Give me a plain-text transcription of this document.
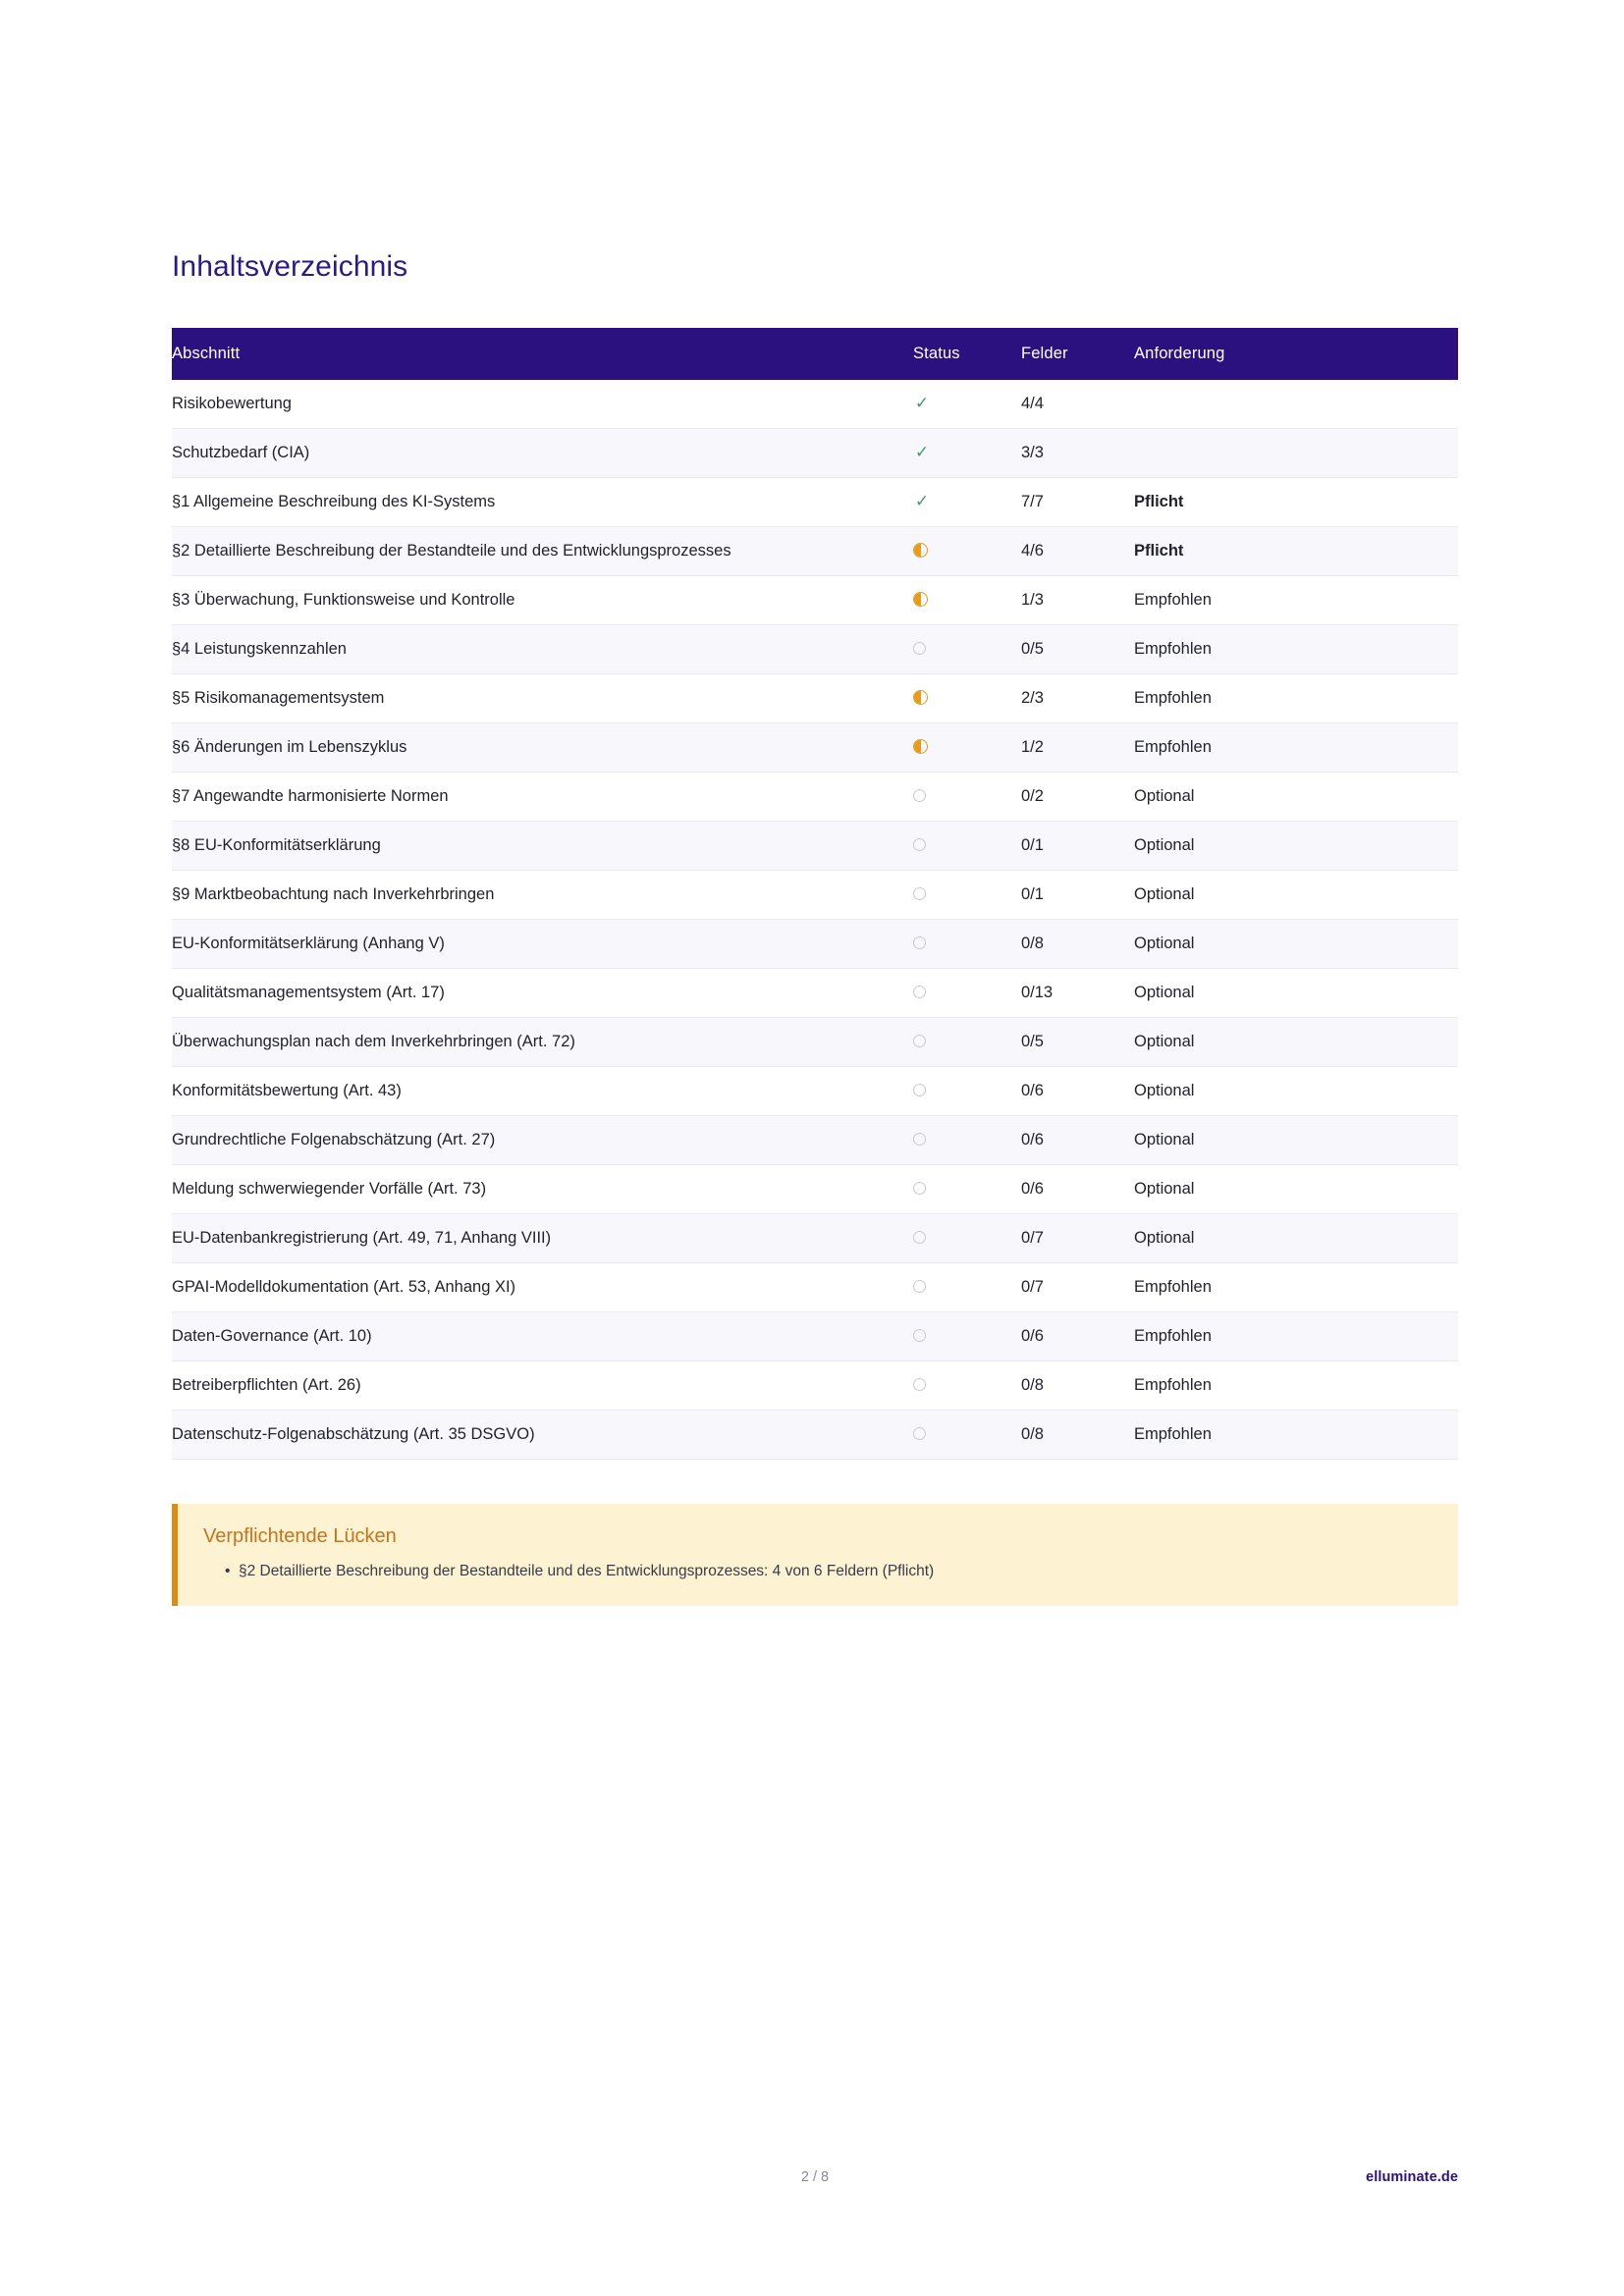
Inhaltsverzeichnis
Abschnitt	Status	Felder	Anforderung
Risikobewertung	✓	4/4	
Schutzbedarf (CIA)	✓	3/3	
§1 Allgemeine Beschreibung des KI-Systems	✓	7/7	Pflicht
§2 Detaillierte Beschreibung der Bestandteile und des Entwicklungsprozesses		4/6	Pflicht
§3 Überwachung, Funktionsweise und Kontrolle		1/3	Empfohlen
§4 Leistungskennzahlen		0/5	Empfohlen
§5 Risikomanagementsystem		2/3	Empfohlen
§6 Änderungen im Lebenszyklus		1/2	Empfohlen
§7 Angewandte harmonisierte Normen		0/2	Optional
§8 EU-Konformitätserklärung		0/1	Optional
§9 Marktbeobachtung nach Inverkehrbringen		0/1	Optional
EU-Konformitätserklärung (Anhang V)		0/8	Optional
Qualitätsmanagementsystem (Art. 17)		0/13	Optional
Überwachungsplan nach dem Inverkehrbringen (Art. 72)		0/5	Optional
Konformitätsbewertung (Art. 43)		0/6	Optional
Grundrechtliche Folgenabschätzung (Art. 27)		0/6	Optional
Meldung schwerwiegender Vorfälle (Art. 73)		0/6	Optional
EU-Datenbankregistrierung (Art. 49, 71, Anhang VIII)		0/7	Optional
GPAI-Modelldokumentation (Art. 53, Anhang XI)		0/7	Empfohlen
Daten-Governance (Art. 10)		0/6	Empfohlen
Betreiberpflichten (Art. 26)		0/8	Empfohlen
Datenschutz-Folgenabschätzung (Art. 35 DSGVO)		0/8	Empfohlen
Verpflichtende Lücken
• §2 Detaillierte Beschreibung der Bestandteile und des Entwicklungsprozesses: 4 von 6 Feldern (Pflicht)
2 / 8	elluminate.de
